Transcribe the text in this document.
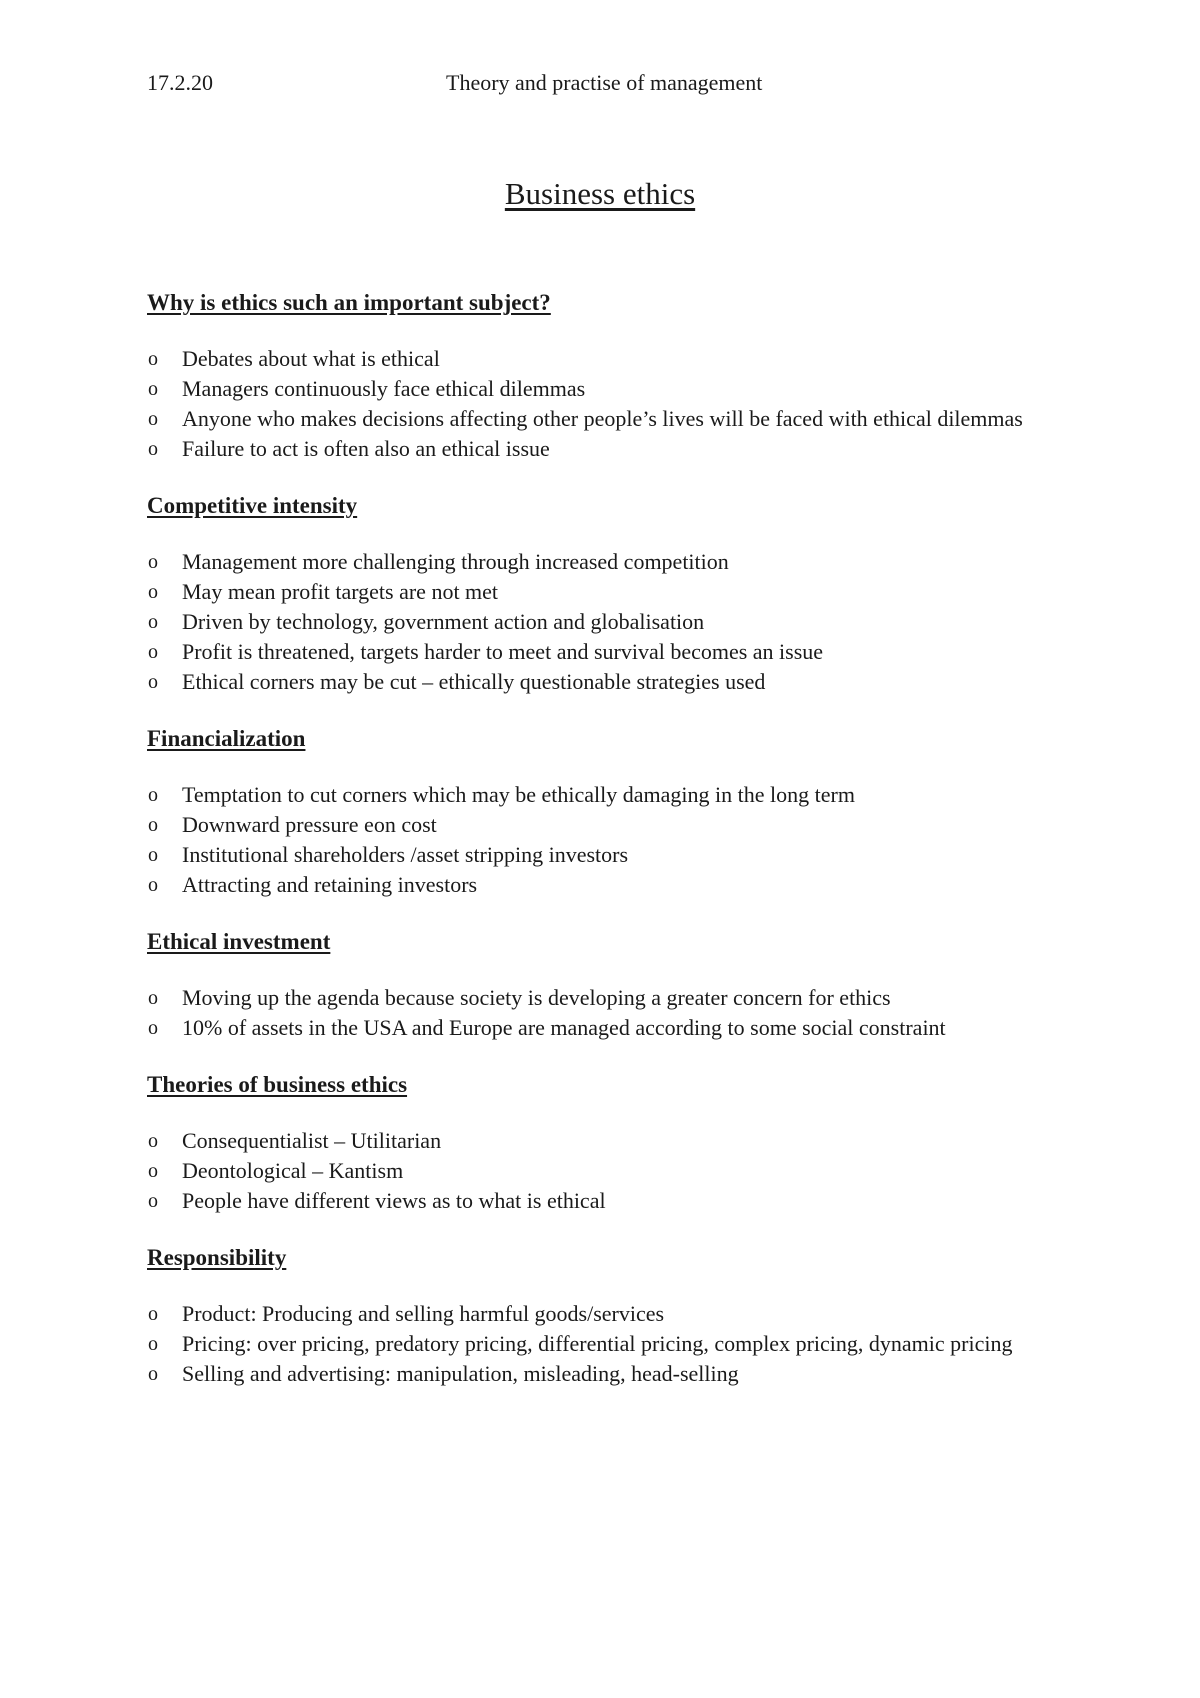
17.2.20	Theory and practise of management
Business ethics
Why is ethics such an important subject?
o Debates about what is ethical
o Managers continuously face ethical dilemmas
o Anyone who makes decisions affecting other people’s lives will be faced with ethical dilemmas
o Failure to act is often also an ethical issue
Competitive intensity
o Management more challenging through increased competition
o May mean profit targets are not met
o Driven by technology, government action and globalisation
o Profit is threatened, targets harder to meet and survival becomes an issue
o Ethical corners may be cut – ethically questionable strategies used
Financialization
o Temptation to cut corners which may be ethically damaging in the long term
o Downward pressure eon cost
o Institutional shareholders /asset stripping investors
o Attracting and retaining investors
Ethical investment
o Moving up the agenda because society is developing a greater concern for ethics
o 10% of assets in the USA and Europe are managed according to some social constraint
Theories of business ethics
o Consequentialist – Utilitarian
o Deontological – Kantism
o People have different views as to what is ethical
Responsibility
o Product: Producing and selling harmful goods/services
o Pricing: over pricing, predatory pricing, differential pricing, complex pricing, dynamic pricing
o Selling and advertising: manipulation, misleading, head-selling
